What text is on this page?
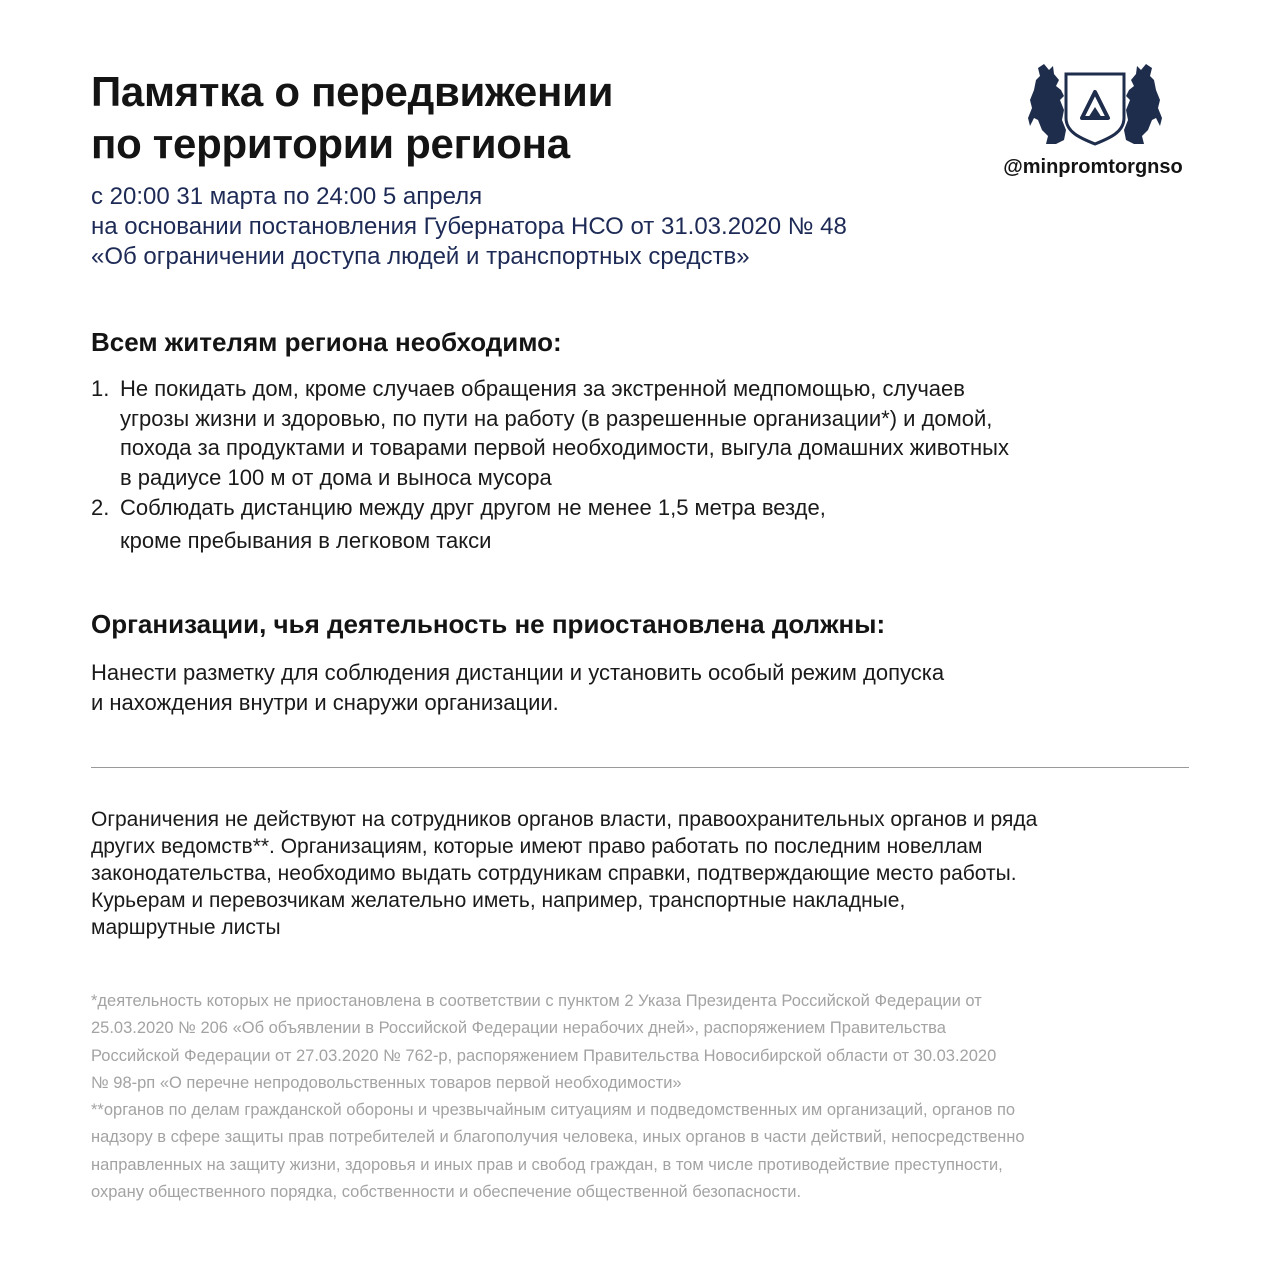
Памятка о передвижении
по территории региона	@minpromtorgnso
с 20:00 31 марта по 24:00 5 апреля
на основании постановления Губернатора НСО от 31.03.2020 № 48
«Об ограничении доступа людей и транспортных средств»
Всем жителям региона необходимо:
1. Не покидать дом, кроме случаев обращения за экстренной медпомощью, случаев
угрозы жизни и здоровью, по пути на работу (в разрешенные организации*) и домой,
похода за продуктами и товарами первой необходимости, выгула домашних животных
в радиусе 100 м от дома и выноса мусора
2. Соблюдать дистанцию между друг другом не менее 1,5 метра везде,
кроме пребывания в легковом такси
Организации, чья деятельность не приостановлена должны:
Нанести разметку для соблюдения дистанции и установить особый режим допуска
и нахождения внутри и снаружи организации.
Ограничения не действуют на сотрудников органов власти, правоохранительных органов и ряда
других ведомств**. Организациям, которые имеют право работать по последним новеллам
законодательства, необходимо выдать сотрдуникам справки, подтверждающие место работы.
Курьерам и перевозчикам желательно иметь, например, транспортные накладные,
маршрутные листы
*деятельность которых не приостановлена в соответствии с пунктом 2 Указа Президента Российской Федерации от
25.03.2020 № 206 «Об объявлении в Российской Федерации нерабочих дней», распоряжением Правительства
Российской Федерации от 27.03.2020 № 762-р, распоряжением Правительства Новосибирской области от 30.03.2020
№ 98-рп «О перечне непродовольственных товаров первой необходимости»
**органов по делам гражданской обороны и чрезвычайным ситуациям и подведомственных им организаций, органов по
надзору в сфере защиты прав потребителей и благополучия человека, иных органов в части действий, непосредственно
направленных на защиту жизни, здоровья и иных прав и свобод граждан, в том числе противодействие преступности,
охрану общественного порядка, собственности и обеспечение общественной безопасности.
